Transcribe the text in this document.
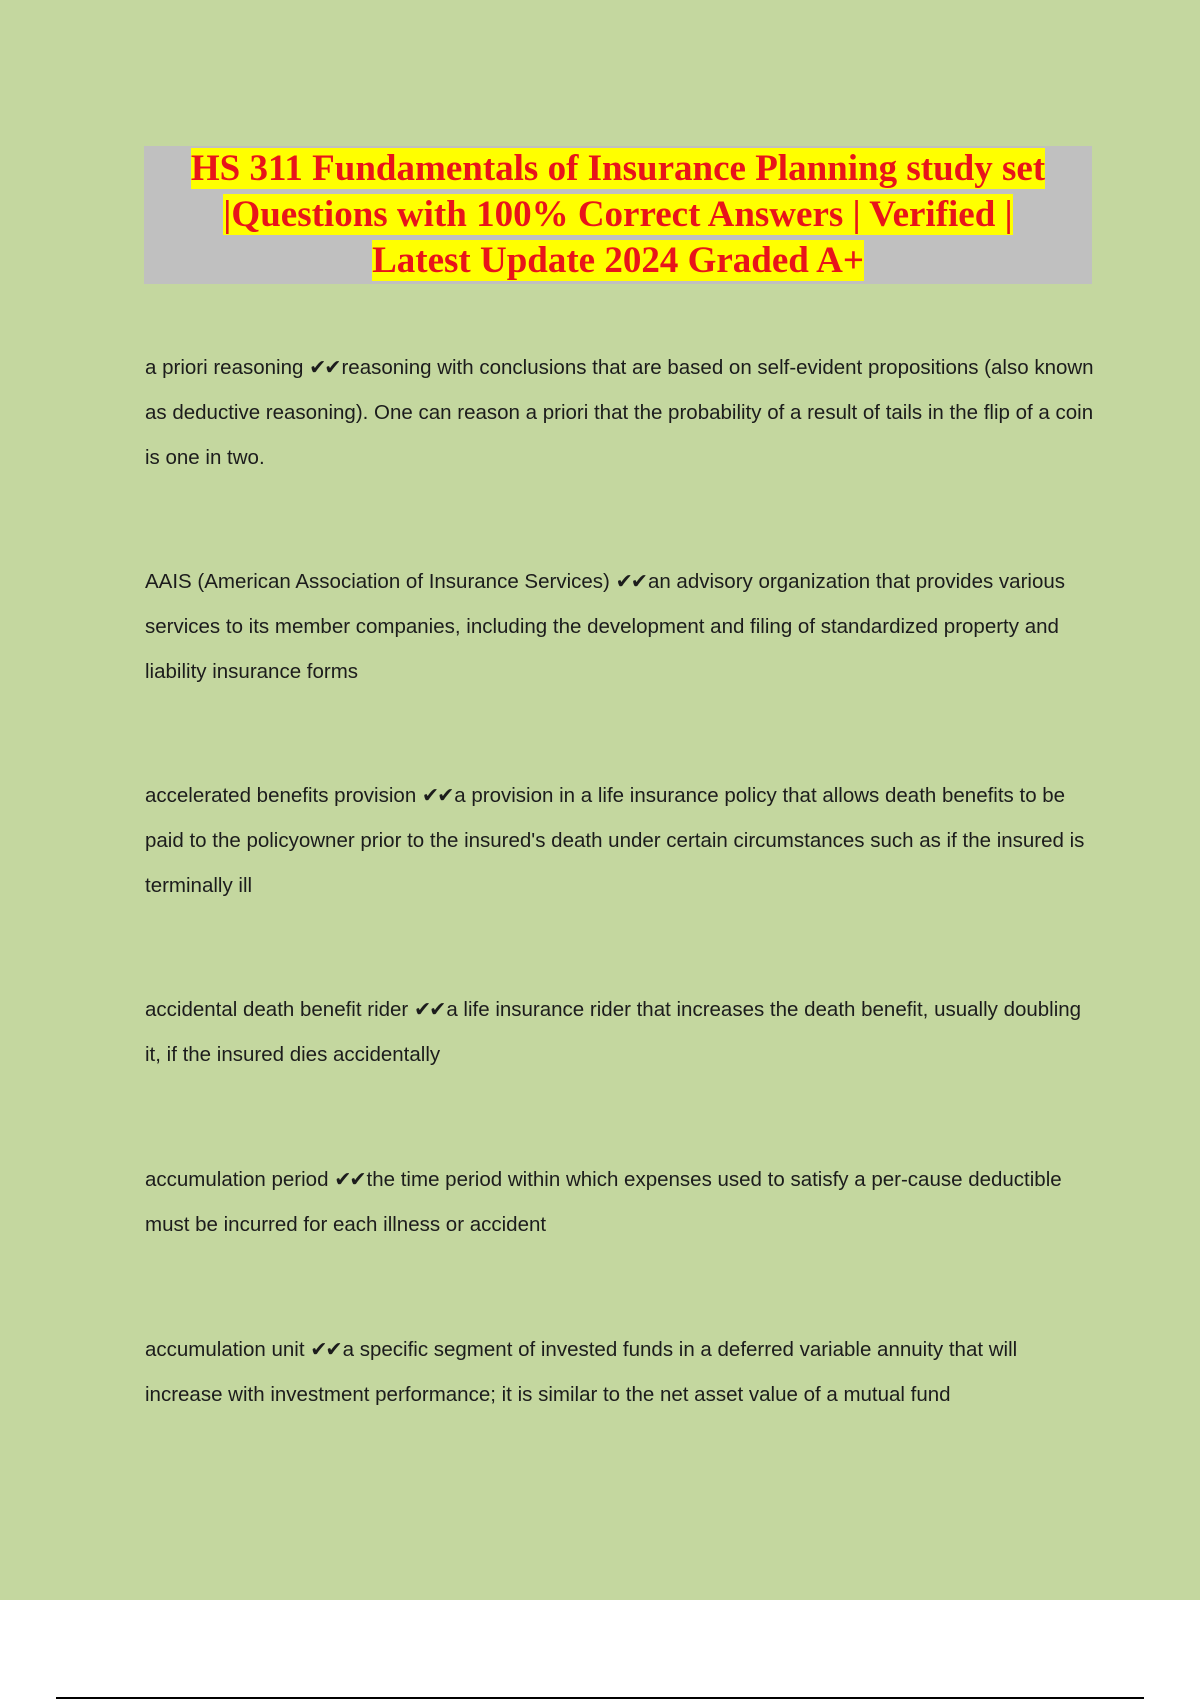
HS 311 Fundamentals of Insurance Planning study set
|Questions with 100% Correct Answers | Verified |
Latest Update 2024 Graded A+
a priori reasoning ✔✔reasoning with conclusions that are based on self-evident propositions (also known as deductive reasoning). One can reason a priori that the probability of a result of tails in the flip of a coin is one in two.
AAIS (American Association of Insurance Services) ✔✔an advisory organization that provides various services to its member companies, including the development and filing of standardized property and liability insurance forms
accelerated benefits provision ✔✔a provision in a life insurance policy that allows death benefits to be paid to the policyowner prior to the insured's death under certain circumstances such as if the insured is terminally ill
accidental death benefit rider ✔✔a life insurance rider that increases the death benefit, usually doubling it, if the insured dies accidentally
accumulation period ✔✔the time period within which expenses used to satisfy a per-cause deductible must be incurred for each illness or accident
accumulation unit ✔✔a specific segment of invested funds in a deferred variable annuity that will increase with investment performance; it is similar to the net asset value of a mutual fund
